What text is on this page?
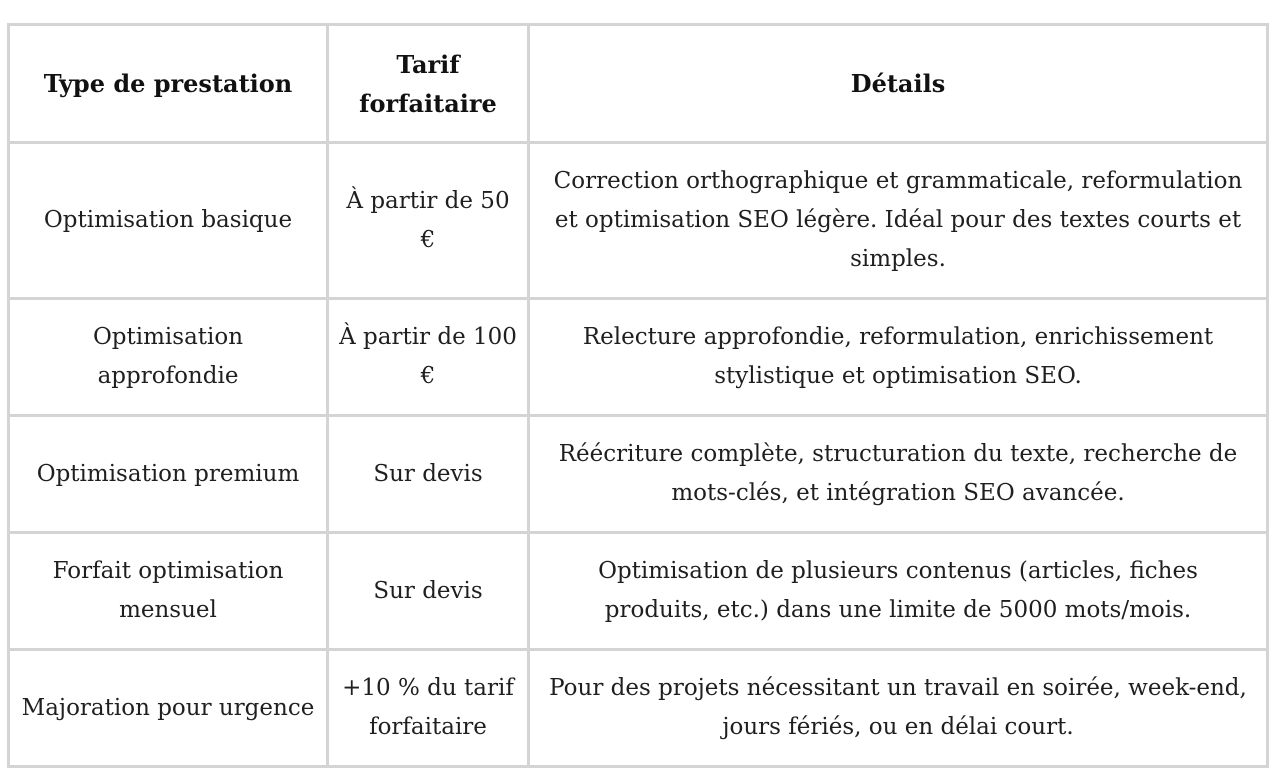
Type de prestation	Tarif forfaitaire	Détails
Optimisation basique	À partir de 50 €	Correction orthographique et grammaticale, reformulation et optimisation SEO légère. Idéal pour des textes courts et simples.
Optimisation approfondie	À partir de 100 €	Relecture approfondie, reformulation, enrichissement stylistique et optimisation SEO.
Optimisation premium	Sur devis	Réécriture complète, structuration du texte, recherche de mots-clés, et intégration SEO avancée.
Forfait optimisation mensuel	Sur devis	Optimisation de plusieurs contenus (articles, fiches produits, etc.) dans une limite de 5000 mots/mois.
Majoration pour urgence	+10 % du tarif forfaitaire	Pour des projets nécessitant un travail en soirée, week-end, jours fériés, ou en délai court.
